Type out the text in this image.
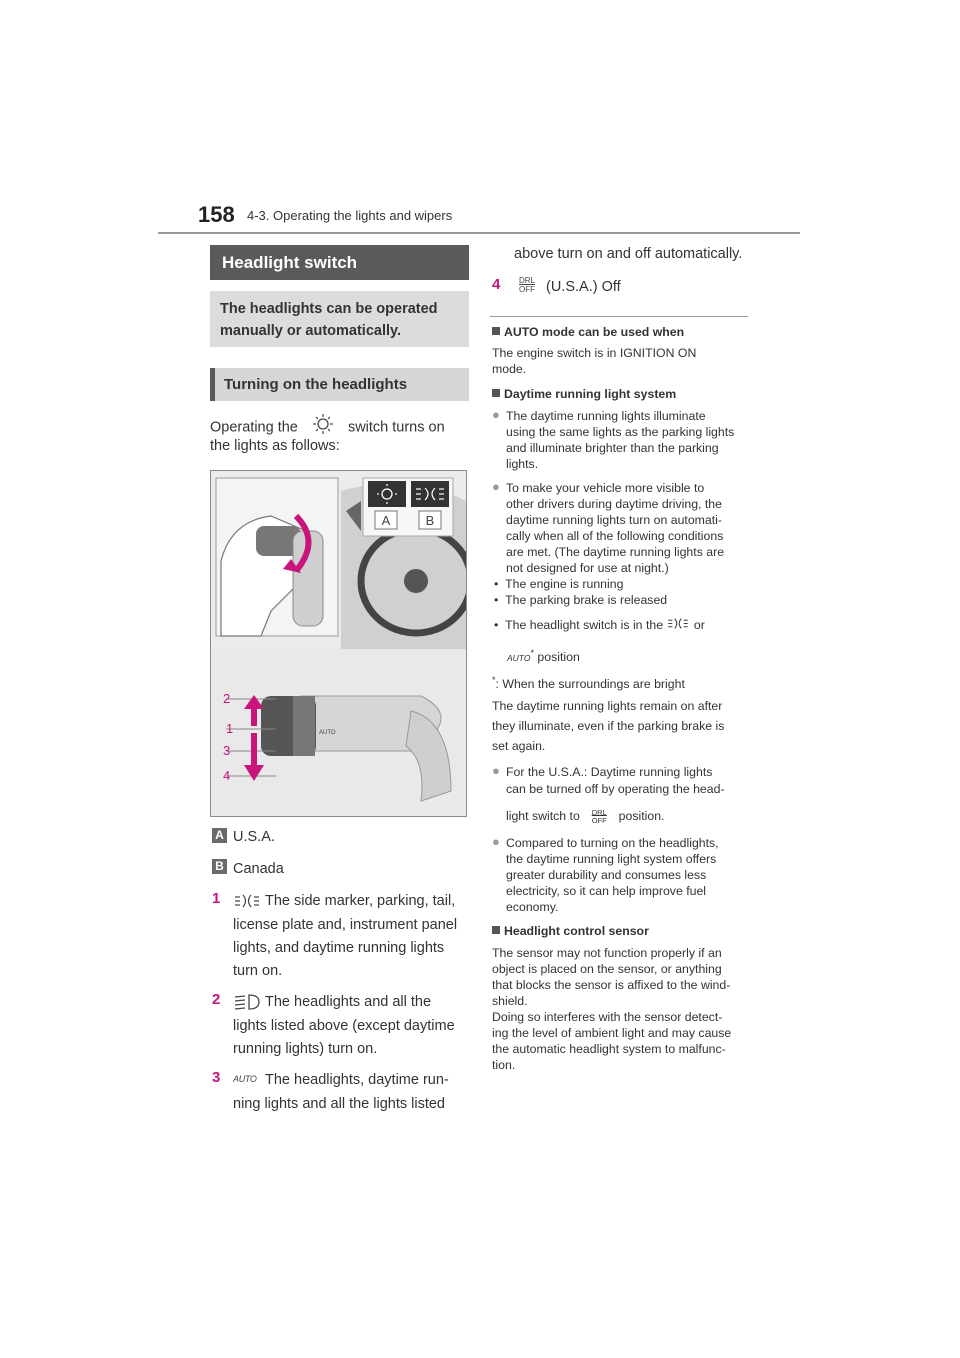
158 4-3. Operating the lights and wipers
Headlight switch
The headlights can be operated
manually or automatically.
Turning on the headlights
Operating the	switch turns on
the lights as follows:
A	B
AUTO
2
1
3
4
A U.S.A.
B Canada
1	The side marker, parking, tail,
license plate and, instrument panel
lights, and daytime running lights
turn on.
2	The headlights and all the
lights listed above (except daytime
running lights) turn on.
3 AUTO The headlights, daytime run-
ning lights and all the lights listed
above turn on and off automatically.
4	DRL
$\overline{OFF}$ (U.S.A.) Off
AUTO mode can be used when
The engine switch is in IGNITION ON
mode.
Daytime running light system
● The daytime running lights illuminate
using the same lights as the parking lights
and illuminate brighter than the parking
lights.
● To make your vehicle more visible to
other drivers during daytime driving, the
daytime running lights turn on automati-
cally when all of the following conditions
are met. (The daytime running lights are
not designed for use at night.)
•  The engine is running
•  The parking brake is released
•  The headlight switch is in the	or
AUTO* position
*: When the surroundings are bright
The daytime running lights remain on after
they illuminate, even if the parking brake is
set again.
● For the U.S.A.: Daytime running lights
can be turned off by operating the head-
light switch to	DRL
$\overline{OFF}$ position.
● Compared to turning on the headlights,
the daytime running light system offers
greater durability and consumes less
electricity, so it can help improve fuel
economy.
Headlight control sensor
The sensor may not function properly if an
object is placed on the sensor, or anything
that blocks the sensor is affixed to the wind-
shield.
Doing so interferes with the sensor detect-
ing the level of ambient light and may cause
the automatic headlight system to malfunc-
tion.
